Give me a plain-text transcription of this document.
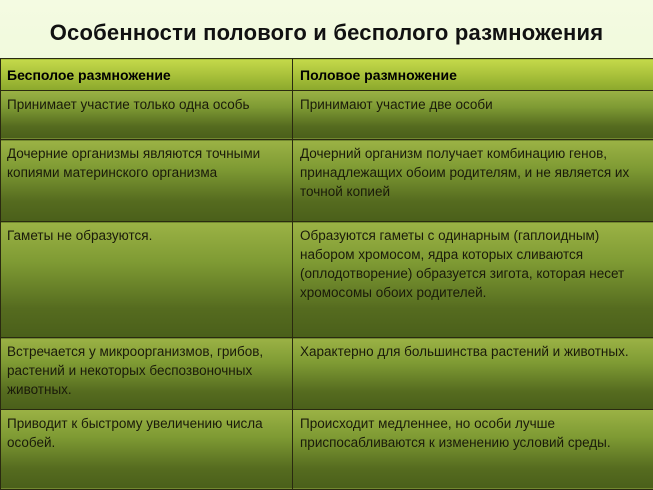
Особенности полового и бесполого размножения
Бесполое размножение	Половое размножение
Принимает участие только одна особь	Принимают участие две особи
Дочерние организмы являются точными копиями материнского организма	Дочерний организм получает комбинацию генов, принадлежащих обоим родителям, и не является их точной копией
Гаметы не образуются.	Образуются гаметы с одинарным (гаплоидным) набором хромосом, ядра которых сливаются (оплодотворение) образуется зигота, которая несет хромосомы обоих родителей.
Встречается у микроорганизмов, грибов, растений и некоторых беспозвоночных животных.	Характерно для большинства растений и животных.
Приводит к быстрому увеличению числа особей.	Происходит медленнее, но особи лучше приспосабливаются к изменению условий среды.
